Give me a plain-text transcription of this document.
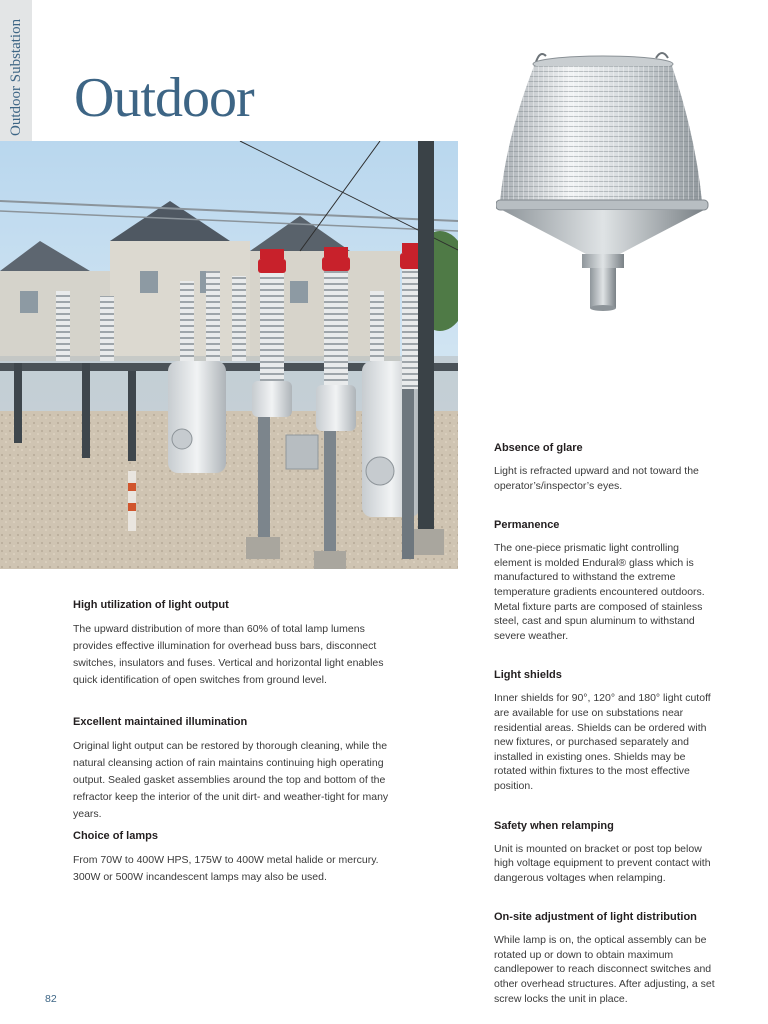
Outdoor Substation Outdoor
High utilization of light output

The upward distribution of more than 60% of total lamp lumens provides effective illumination for overhead buss bars, disconnect switches, insulators and fuses. Vertical and horizontal light enables quick identification of open switches from ground level.

Excellent maintained illumination

Original light output can be restored by thorough cleaning, while the natural cleansing action of rain maintains continuing high operating output. Sealed gasket assemblies around the top and bottom of the refractor keep the interior of the unit dirt- and weather-tight for many years.

Choice of lamps

From 70W to 400W HPS, 175W to 400W metal halide or mercury. 300W or 500W incandescent lamps may also be used.

Absence of glare

Light is refracted upward and not toward the operator’s/inspector’s eyes.

Permanence

The one-piece prismatic light controlling element is molded Endural® glass which is manufactured to withstand the extreme temperature gradients encountered outdoors. Metal fixture parts are composed of stainless steel, cast and spun aluminum to withstand severe weather.

Light shields

Inner shields for 90°, 120° and 180° light cutoff are available for use on substations near residential areas. Shields can be ordered with new fixtures, or purchased separately and installed in existing ones. Shields may be rotated within fixtures to the most effective position.

Safety when relamping

Unit is mounted on bracket or post top below high voltage equipment to prevent contact with dangerous voltages when relamping.

On-site adjustment of light distribution

While lamp is on, the optical assembly can be rotated up or down to obtain maximum candlepower to reach disconnect switches and other overhead structures. After adjusting, a set screw locks the unit in place.

82
